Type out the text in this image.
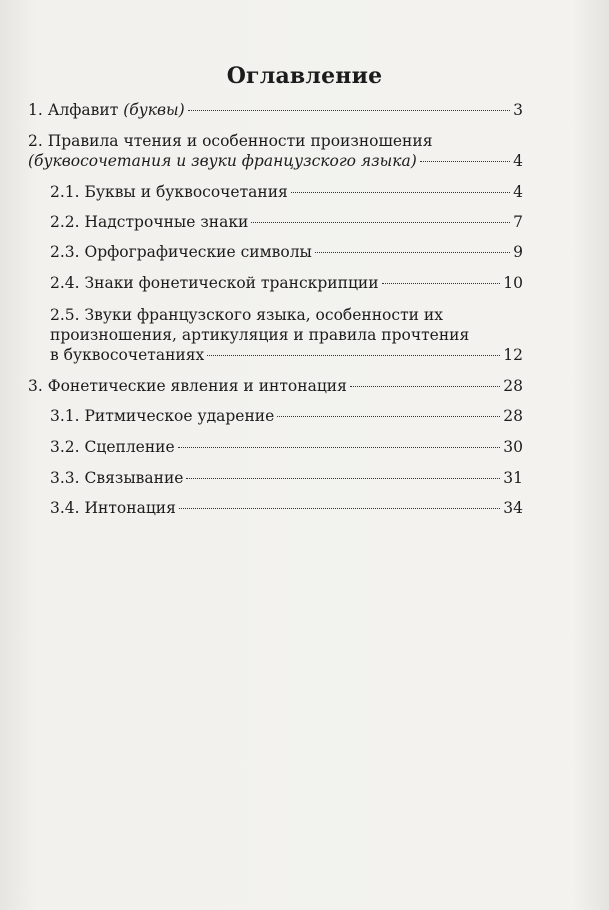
Оглавление
1. Алфавит (буквы)	3
2. Правила чтения и особенности произношения
(буквосочетания и звуки французского языка)	4
2.1. Буквы и буквосочетания	4
2.2. Надстрочные знаки	7
2.3. Орфографические символы	9
2.4. Знаки фонетической транскрипции	10
2.5. Звуки французского языка, особенности их
произношения, артикуляция и правила прочтения
в буквосочетаниях	12
3. Фонетические явления и интонация	28
3.1. Ритмическое ударение	28
3.2. Сцепление	30
3.3. Связывание	31
3.4. Интонация	34
